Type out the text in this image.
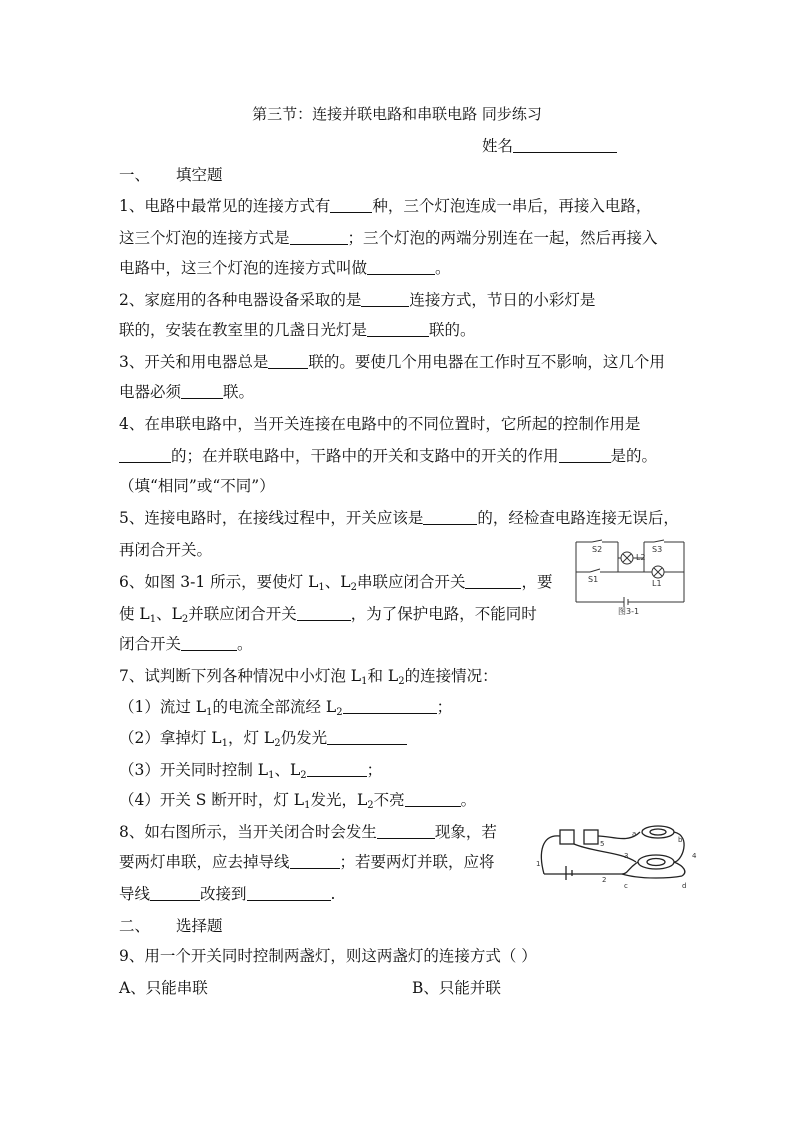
第三节：连接并联电路和串联电路 同步练习
姓名
一、 填空题
1、电路中最常见的连接方式有	种，三个灯泡连成一串后，再接入电路，
这三个灯泡的连接方式是	；三个灯泡的两端分别连在一起，然后再接入
电路中，这三个灯泡的连接方式叫做	。
2、家庭用的各种电器设备采取的是	连接方式，节日的小彩灯是
联的，安装在教室里的几盏日光灯是	联的。
3、开关和用电器总是	联的。要使几个用电器在工作时互不影响，这几个用
电器必须	联。
4、在串联电路中，当开关连接在电路中的不同位置时，它所起的控制作用是
的；在并联电路中，干路中的开关和支路中的开关的作用	是的。
（填“相同”或“不同”）
5、连接电路时，在接线过程中，开关应该是	的，经检查电路连接无误后，
再闭合开关。	S2	S3
L2
S1	L1
图3-1
6、如图 3-1 所示，要使灯 $L_1$、$L_2$串联应闭合开关	，要
使 $L_1$、$L_2$并联应闭合开关	，为了保护电路，不能同时
闭合开关	。
7、试判断下列各种情况中小灯泡 $L_1$和 $L_2$的连接情况：
（1）流过 $L_1$的电流全部流经 $L_2$	；
（2）拿掉灯 $L_1$，灯 $L_2$仍发光
（3）开关同时控制 $L_1$、$L_2$	；
（4）开关 S 断开时，灯 $L_1$发光，$L_2$不亮	。
8、如右图所示，当开关闭合时会发生	现象，若
要两灯串联，应去掉导线	；若要两灯并联，应将
导线	改接到	.
1
2
3	4
5
a
b
c	d
二、 选择题
9、用一个开关同时控制两盏灯，则这两盏灯的连接方式（ ）
A、只能串联	B、只能并联
